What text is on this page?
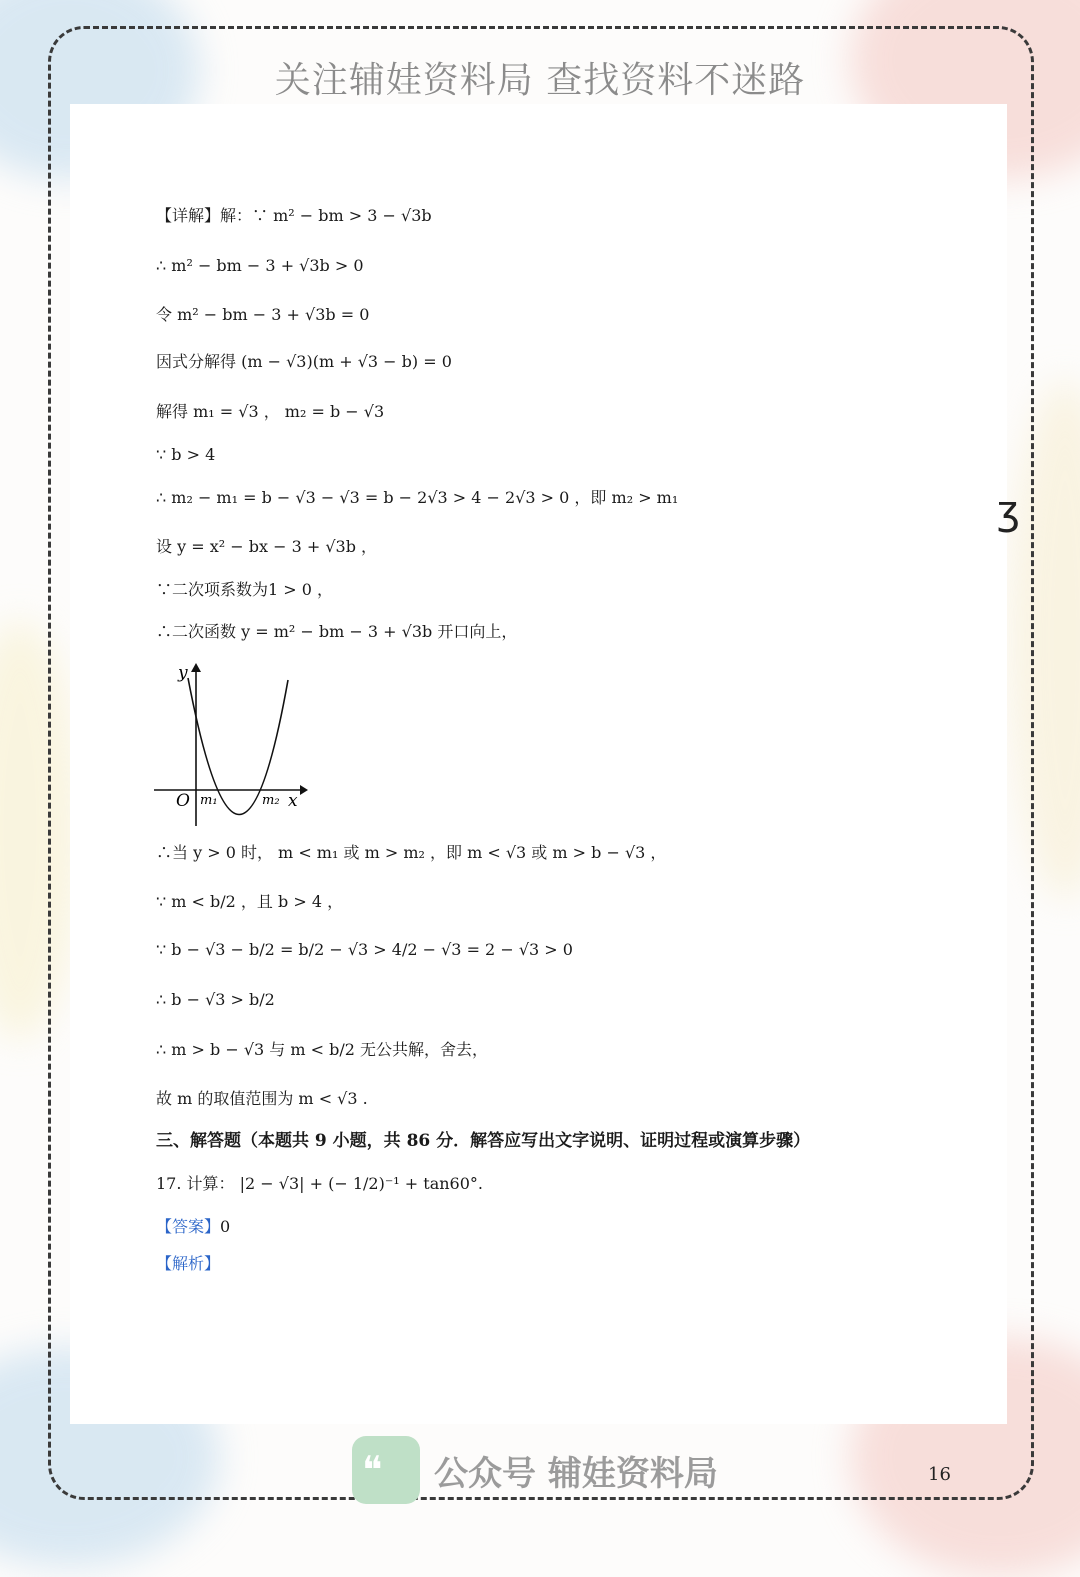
关注辅娃资料局 查找资料不迷路
ʒ
【详解】解：∵ m² − bm > 3 − √3b
∴ m² − bm − 3 + √3b > 0
令 m² − bm − 3 + √3b = 0
因式分解得 (m − √3)(m + √3 − b) = 0
解得 m₁ = √3 ， m₂ = b − √3
∵ b > 4
∴ m₂ − m₁ = b − √3 − √3 = b − 2√3 > 4 − 2√3 > 0 ，即 m₂ > m₁
设 y = x² − bx − 3 + √3b ，
∵二次项系数为1 > 0 ，
∴二次函数 y = m² − bm − 3 + √3b 开口向上，
y
x
O m₁	m₂
∴当 y > 0 时， m < m₁ 或 m > m₂ ，即 m < √3 或 m > b − √3 ，
∵ m < b/2 ，且 b > 4 ，
∵ b − √3 − b/2 = b/2 − √3 > 4/2 − √3 = 2 − √3 > 0
∴ b − √3 > b/2
∴ m > b − √3 与 m < b/2 无公共解，舍去，
故 m 的取值范围为 m < √3 .
三、解答题（本题共 9 小题，共 86 分．解答应写出文字说明、证明过程或演算步骤）
17. 计算： |2 − √3| + (− 1/2)⁻¹ + tan60°.
【答案】0
【解析】
❝ 公众号 辅娃资料局	16
